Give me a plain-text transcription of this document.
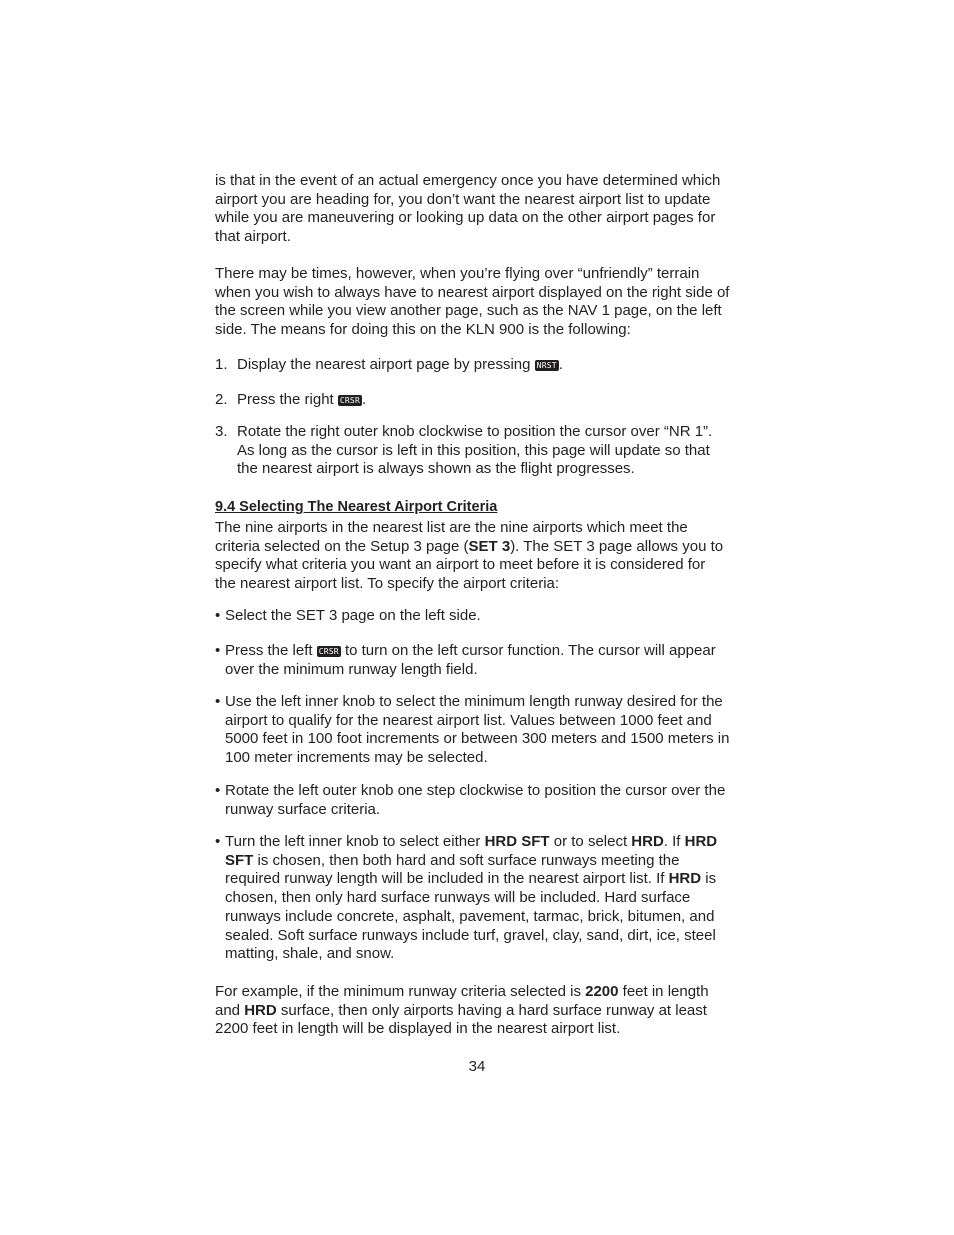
is that in the event of an actual emergency once you have determined which airport you are heading for, you don’t want the nearest airport list to update while you are maneuvering or looking up data on the other airport pages for that airport.

There may be times, however, when you’re flying over “unfriendly” terrain when you wish to always have to nearest airport displayed on the right side of the screen while you view another page, such as the NAV 1 page, on the left side. The means for doing this on the KLN 900 is the following:

1. Display the nearest airport page by pressing NRST .
2. Press the right CRSR .
3. Rotate the right outer knob clockwise to position the cursor over “NR 1”. As long as the cursor is left in this position, this page will update so that the nearest airport is always shown as the flight progresses.
9.4 Selecting The Nearest Airport Criteria

The nine airports in the nearest list are the nine airports which meet the criteria selected on the Setup 3 page (SET 3). The SET 3 page allows you to specify what criteria you want an airport to meet before it is considered for the nearest airport list. To specify the airport criteria:

• Select the SET 3 page on the left side.
• Press the left CRSR to turn on the left cursor function. The cursor will appear over the minimum runway length field.
• Use the left inner knob to select the minimum length runway desired for the airport to qualify for the nearest airport list. Values between 1000 feet and 5000 feet in 100 foot increments or between 300 meters and 1500 meters in 100 meter increments may be selected.
• Rotate the left outer knob one step clockwise to position the cursor over the runway surface criteria.
• Turn the left inner knob to select either HRD SFT or to select HRD. If HRD SFT is chosen, then both hard and soft surface runways meeting the required runway length will be included in the nearest airport list. If HRD is chosen, then only hard surface runways will be included. Hard surface runways include concrete, asphalt, pavement, tarmac, brick, bitumen, and sealed. Soft surface runways include turf, gravel, clay, sand, dirt, ice, steel matting, shale, and snow.

For example, if the minimum runway criteria selected is 2200 feet in length and HRD surface, then only airports having a hard surface runway at least 2200 feet in length will be displayed in the nearest airport list.

34
